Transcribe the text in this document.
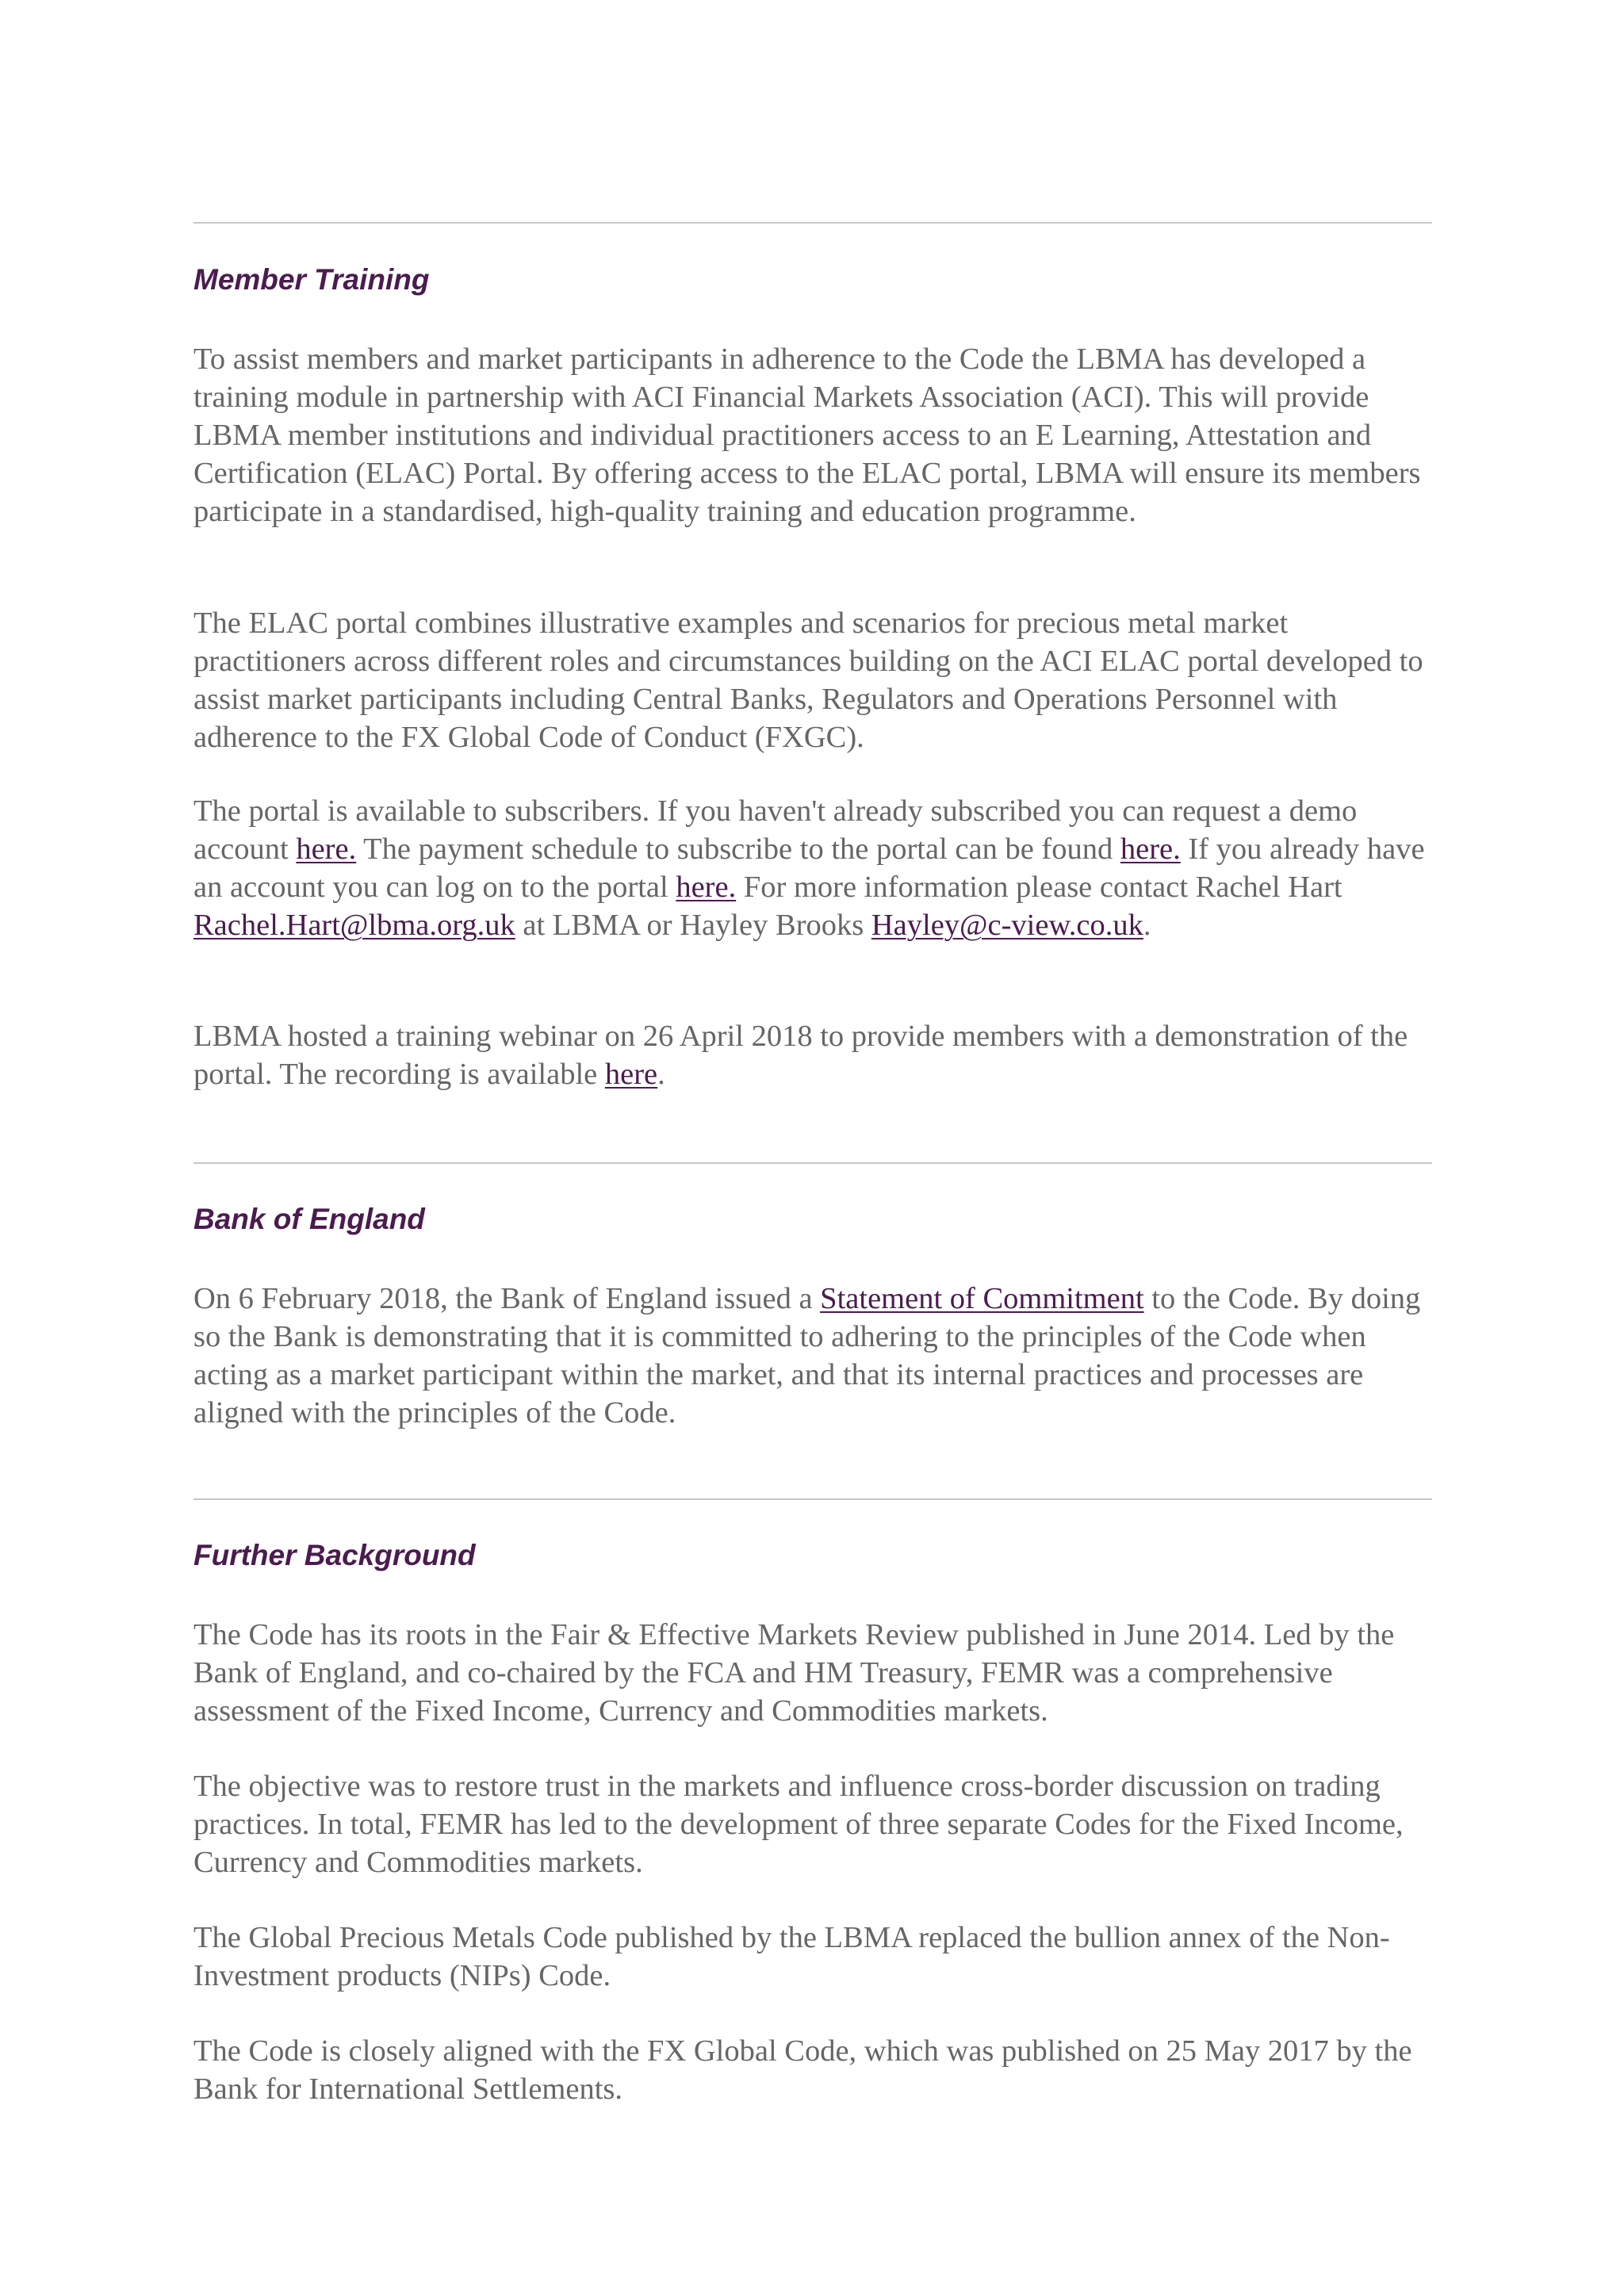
Member Training

To assist members and market participants in adherence to the Code the LBMA has developed a training module in partnership with ACI Financial Markets Association (ACI). This will provide LBMA member institutions and individual practitioners access to an E Learning, Attestation and Certification (ELAC) Portal. By offering access to the ELAC portal, LBMA will ensure its members participate in a standardised, high-quality training and education programme.

The ELAC portal combines illustrative examples and scenarios for precious metal market practitioners across different roles and circumstances building on the ACI ELAC portal developed to assist market participants including Central Banks, Regulators and Operations Personnel with adherence to the FX Global Code of Conduct (FXGC).

The portal is available to subscribers. If you haven't already subscribed you can request a demo account here. The payment schedule to subscribe to the portal can be found here. If you already have an account you can log on to the portal here. For more information please contact Rachel Hart Rachel.Hart@lbma.org.uk at LBMA or Hayley Brooks Hayley@c-view.co.uk.

LBMA hosted a training webinar on 26 April 2018 to provide members with a demonstration of the portal. The recording is available here.

Bank of England

On 6 February 2018, the Bank of England issued a Statement of Commitment to the Code. By doing so the Bank is demonstrating that it is committed to adhering to the principles of the Code when acting as a market participant within the market, and that its internal practices and processes are aligned with the principles of the Code.

Further Background

The Code has its roots in the Fair & Effective Markets Review published in June 2014. Led by the Bank of England, and co-chaired by the FCA and HM Treasury, FEMR was a comprehensive assessment of the Fixed Income, Currency and Commodities markets.

The objective was to restore trust in the markets and influence cross-border discussion on trading practices. In total, FEMR has led to the development of three separate Codes for the Fixed Income, Currency and Commodities markets.

The Global Precious Metals Code published by the LBMA replaced the bullion annex of the Non-Investment products (NIPs) Code.

The Code is closely aligned with the FX Global Code, which was published on 25 May 2017 by the Bank for International Settlements.
